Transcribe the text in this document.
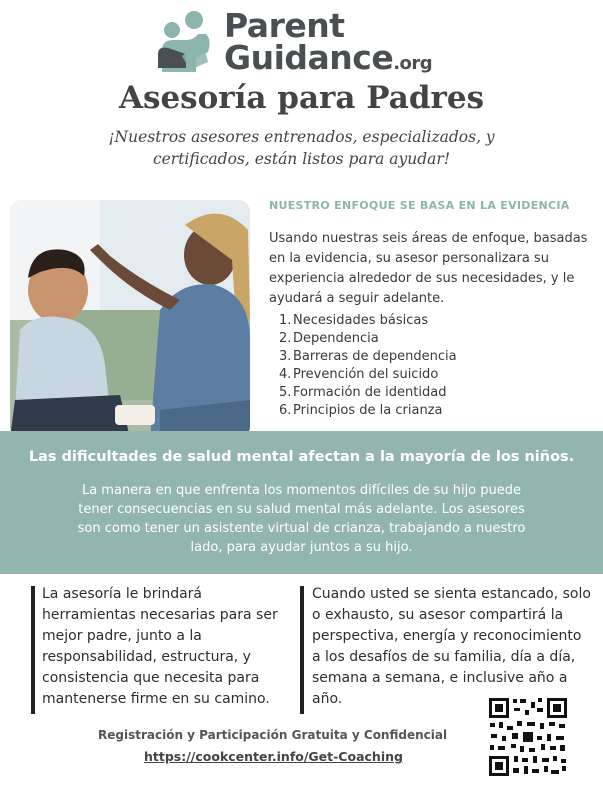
Parent
Guidance.org
Asesoría para Padres
¡Nuestros asesores entrenados, especializados, y certificados, están listos para ayudar!
NUESTRO ENFOQUE SE BASA EN LA EVIDENCIA
Usando nuestras seis áreas de enfoque, basadas en la evidencia, su asesor personalizara su experiencia alrededor de sus necesidades, y le ayudará a seguir adelante.
1. Necesidades básicas
2. Dependencia
3. Barreras de dependencia
4. Prevención del suicido
5. Formación de identidad
6. Principios de la crianza
Las dificultades de salud mental afectan a la mayoría de los niños.
La manera en que enfrenta los momentos difíciles de su hijo puede tener consecuencias en su salud mental más adelante. Los asesores son como tener un asistente virtual de crianza, trabajando a nuestro lado, para ayudar juntos a su hijo.
La asesoría le brindará herramientas necesarias para ser mejor padre, junto a la responsabilidad, estructura, y consistencia que necesita para mantenerse firme en su camino.
Cuando usted se sienta estancado, solo o exhausto, su asesor compartirá la perspectiva, energía y reconocimiento a los desafíos de su familia, día a día, semana a semana, e inclusive año a año.
Registración y Participación Gratuita y Confidencial
https://cookcenter.info/Get-Coaching
